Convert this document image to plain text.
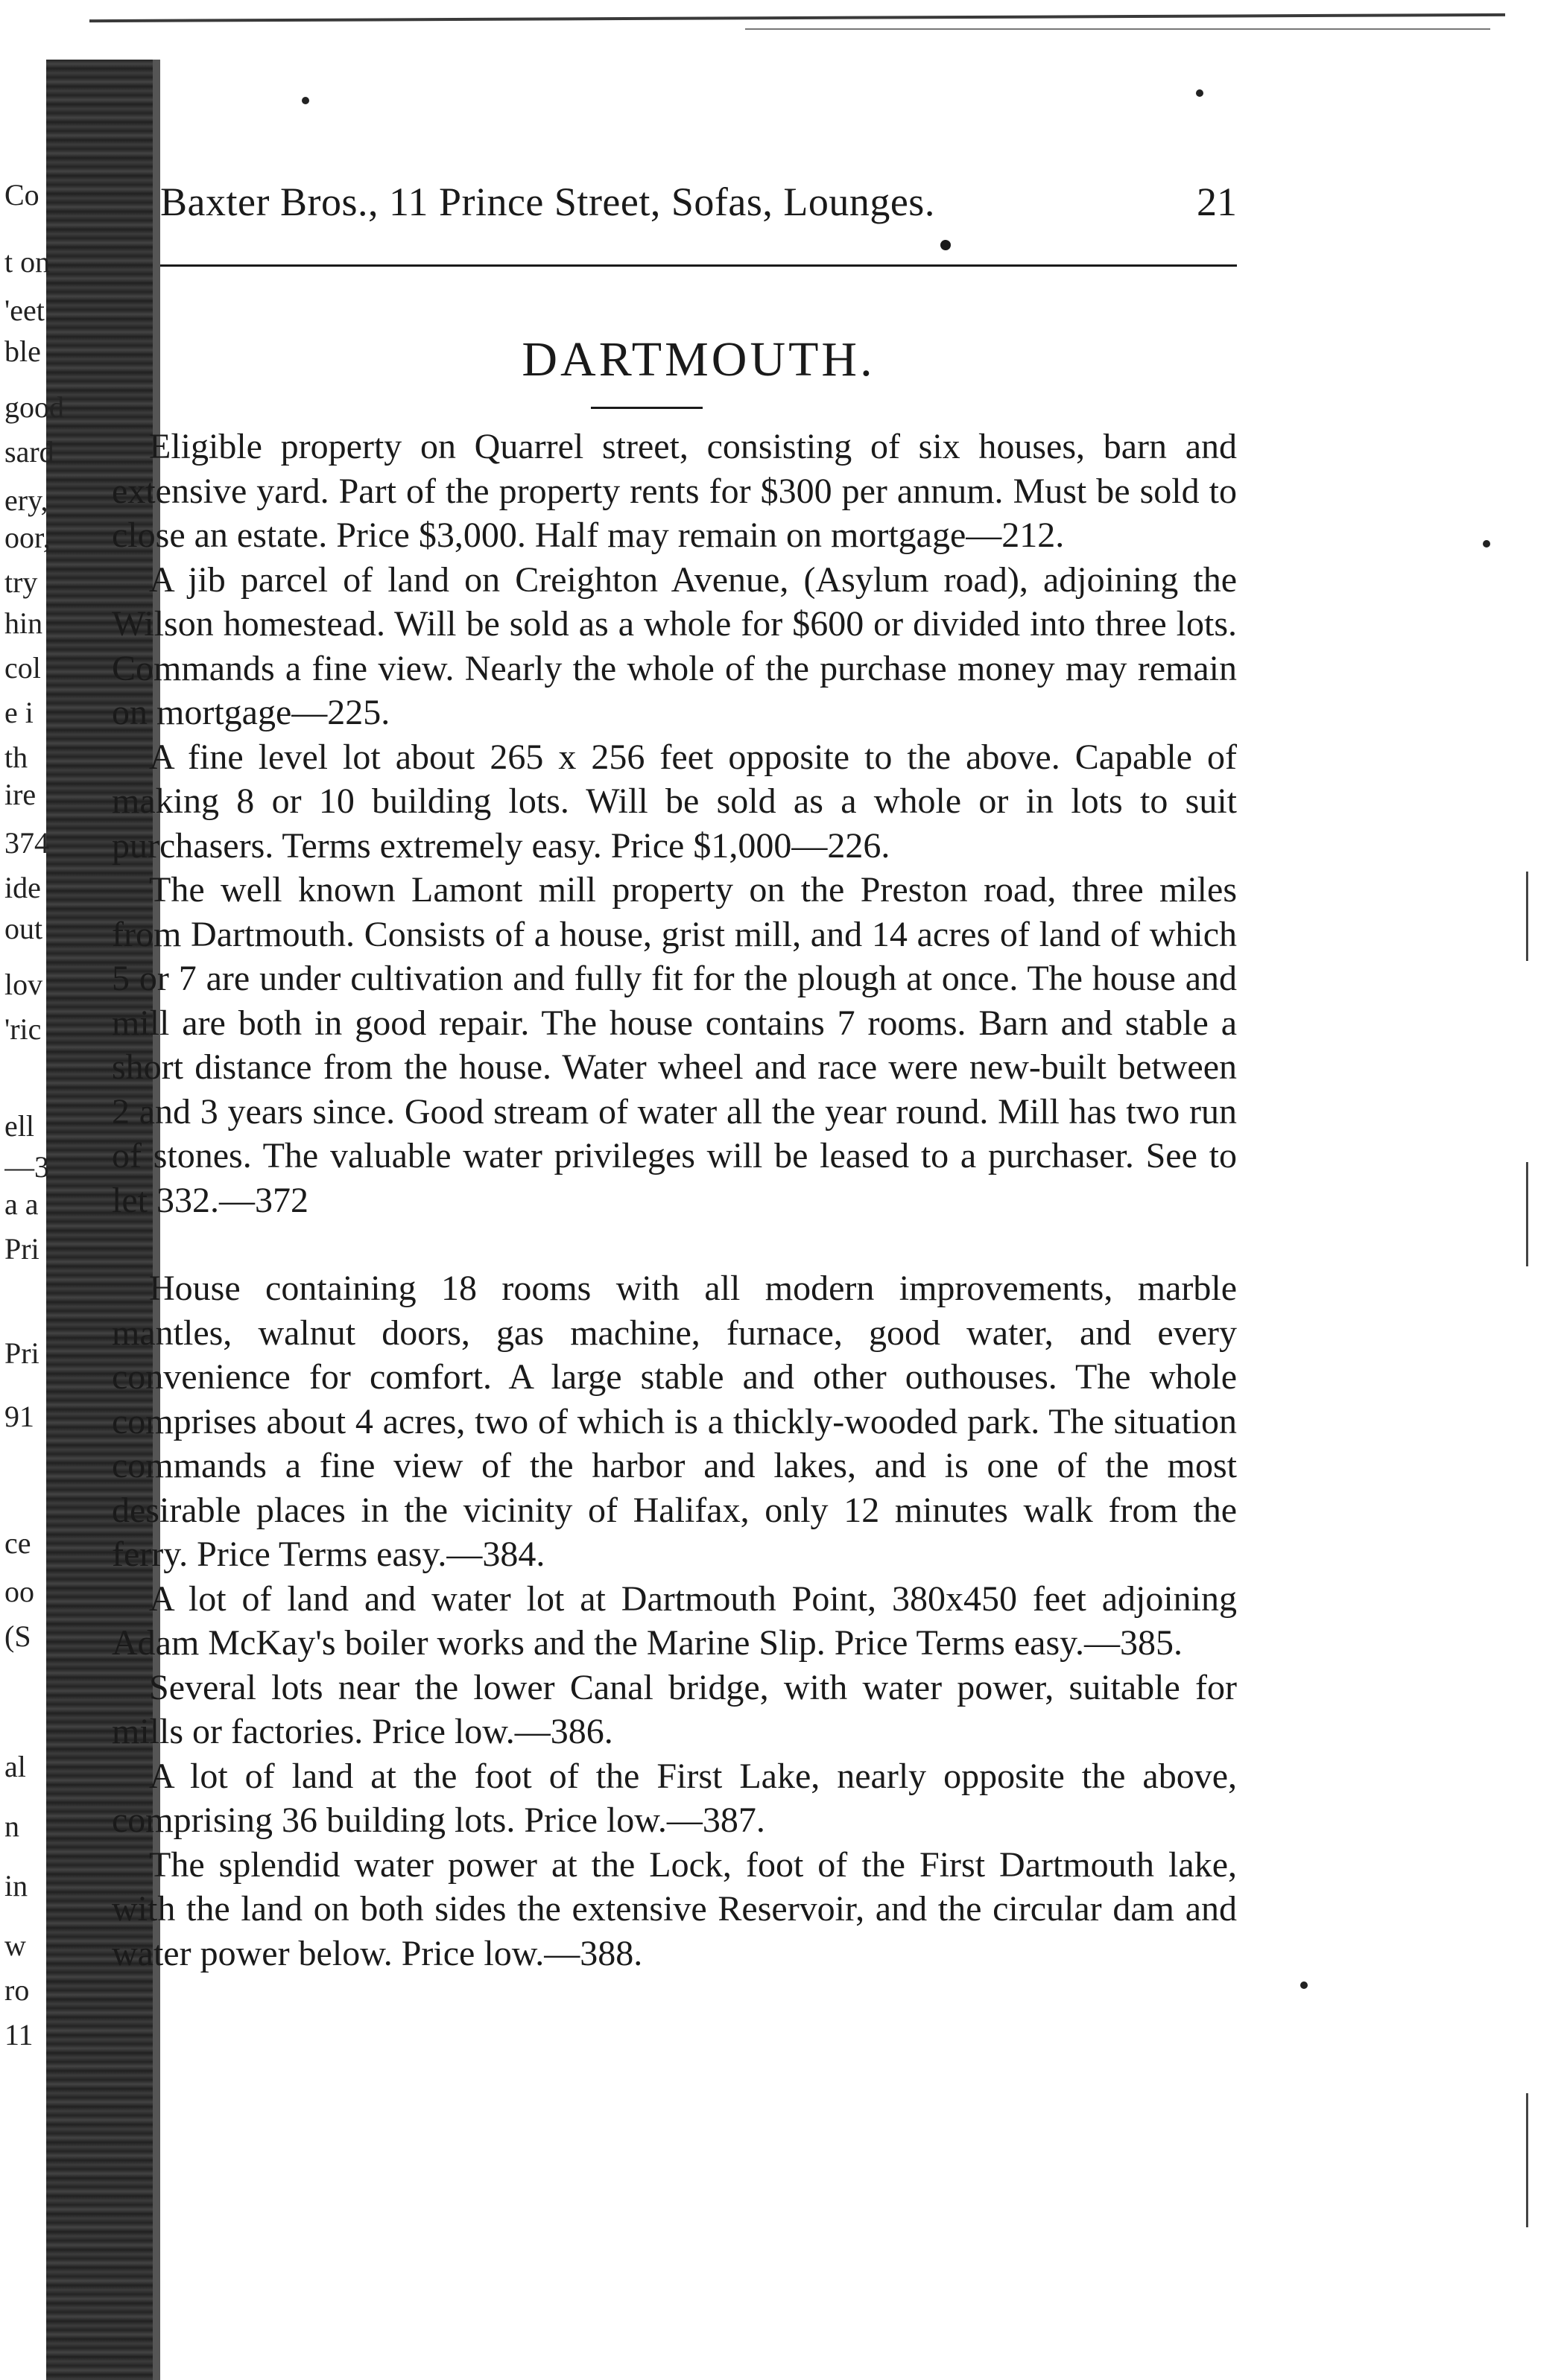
Co
t on
'eet
ble
good
sard
ery,
oor,
try
hin
col
e i
th
ire
374
ide
out
lov
'ric
ell
—3
a a
Pri
Pri
91
ce
oo
(S
al
n
in
w
ro
11
Baxter Bros., 11 Prince Street, Sofas, Lounges.	21
DARTMOUTH.

Eligible property on Quarrel street, consisting of six houses, barn and extensive yard. Part of the property rents for $300 per annum. Must be sold to close an estate. Price $3,000. Half may remain on mortgage—212.

A jib parcel of land on Creighton Avenue, (Asylum road), adjoining the Wilson homestead. Will be sold as a whole for $600 or divided into three lots. Commands a fine view. Nearly the whole of the purchase money may remain on mortgage—225.

A fine level lot about 265 x 256 feet opposite to the above. Capable of making 8 or 10 building lots. Will be sold as a whole or in lots to suit purchasers. Terms extremely easy. Price $1,000—226.

The well known Lamont mill property on the Preston road, three miles from Dartmouth. Consists of a house, grist mill, and 14 acres of land of which 5 or 7 are under cultivation and fully fit for the plough at once. The house and mill are both in good repair. The house contains 7 rooms. Barn and stable a short distance from the house. Water wheel and race were new-built between 2 and 3 years since. Good stream of water all the year round. Mill has two run of stones. The valuable water privileges will be leased to a purchaser. See to let 332.—372

House containing 18 rooms with all modern improvements, marble mantles, walnut doors, gas machine, furnace, good water, and every convenience for comfort. A large stable and other outhouses. The whole comprises about 4 acres, two of which is a thickly-wooded park. The situation commands a fine view of the harbor and lakes, and is one of the most desirable places in the vicinity of Halifax, only 12 minutes walk from the ferry. Price Terms easy.—384.

A lot of land and water lot at Dartmouth Point, 380x450 feet adjoining Adam McKay's boiler works and the Marine Slip. Price Terms easy.—385.

Several lots near the lower Canal bridge, with water power, suitable for mills or factories. Price low.—386.

A lot of land at the foot of the First Lake, nearly opposite the above, comprising 36 building lots. Price low.—387.

The splendid water power at the Lock, foot of the First Dartmouth lake, with the land on both sides the extensive Reservoir, and the circular dam and water power below. Price low.—388.
